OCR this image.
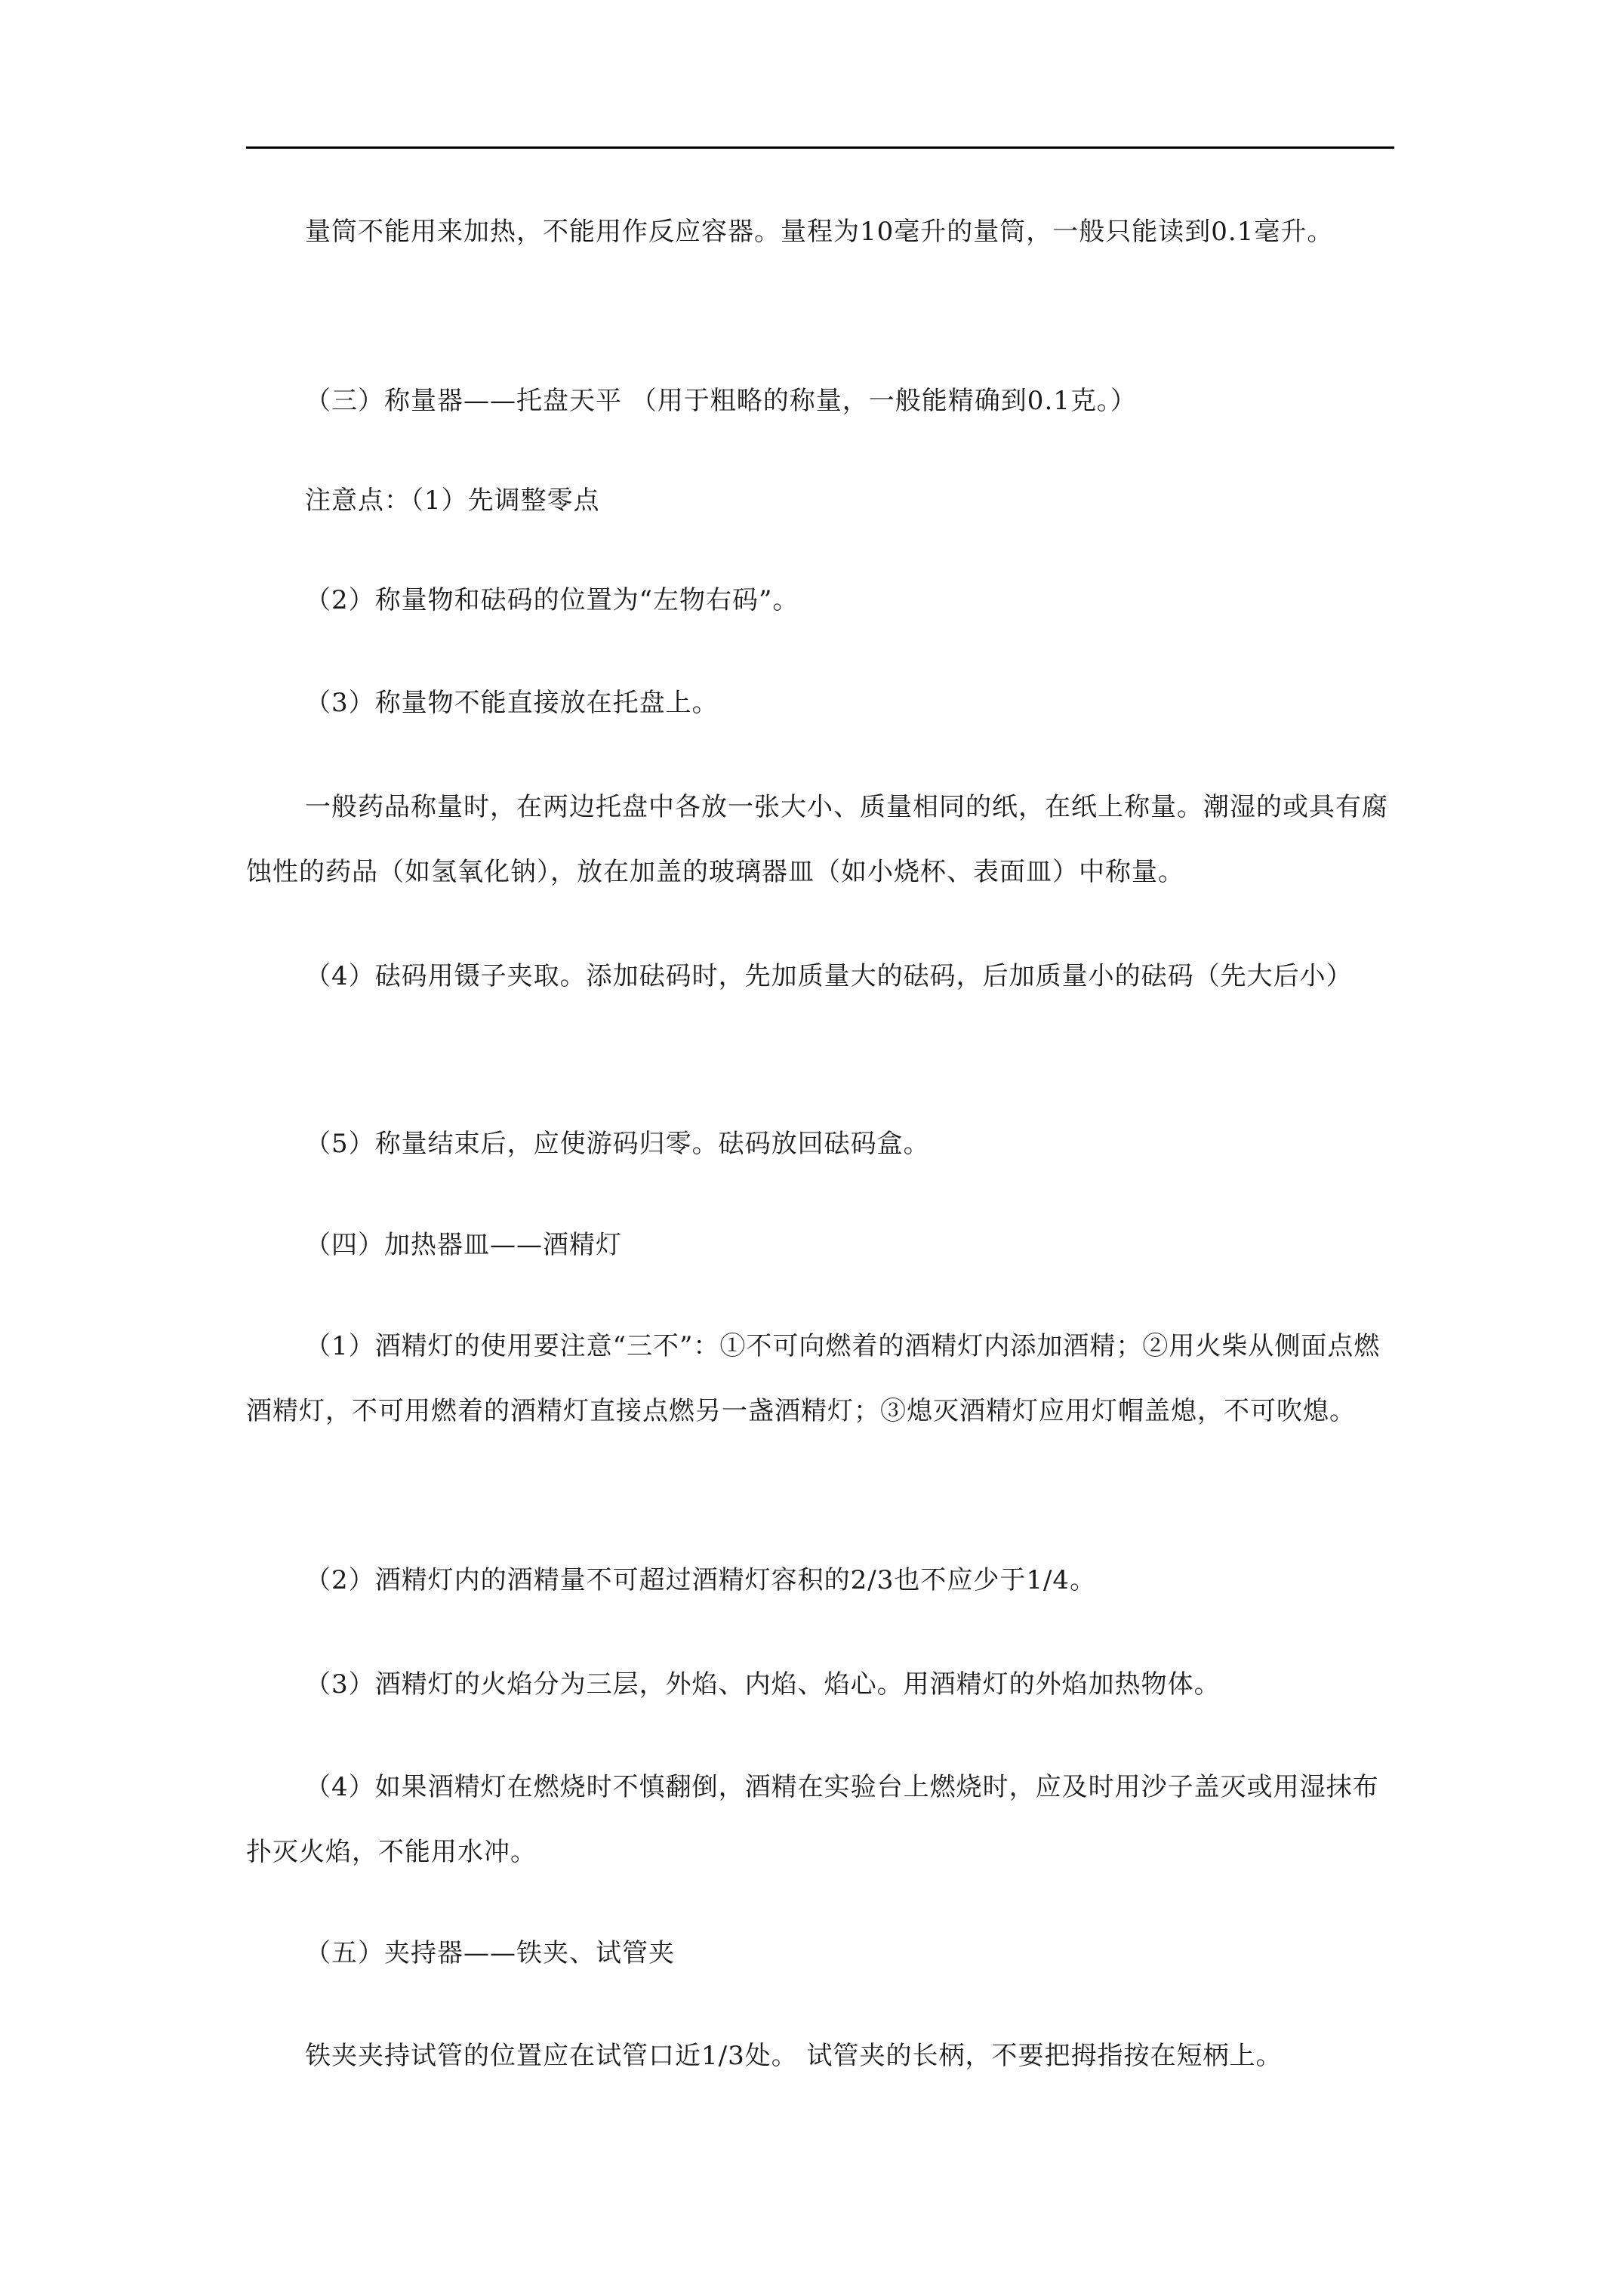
量筒不能用来加热，不能用作反应容器。量程为10毫升的量筒，一般只能读到0.1毫升。

（三）称量器——托盘天平 （用于粗略的称量，一般能精确到0.1克。）

注意点：（1）先调整零点

（2）称量物和砝码的位置为“左物右码”。

（3）称量物不能直接放在托盘上。

一般药品称量时，在两边托盘中各放一张大小、质量相同的纸，在纸上称量。潮湿的或具有腐蚀性的药品（如氢氧化钠），放在加盖的玻璃器皿（如小烧杯、表面皿）中称量。

（4）砝码用镊子夹取。添加砝码时，先加质量大的砝码，后加质量小的砝码（先大后小）

（5）称量结束后，应使游码归零。砝码放回砝码盒。

（四）加热器皿——酒精灯

（1）酒精灯的使用要注意“三不”：①不可向燃着的酒精灯内添加酒精；②用火柴从侧面点燃酒精灯，不可用燃着的酒精灯直接点燃另一盏酒精灯；③熄灭酒精灯应用灯帽盖熄，不可吹熄。

（2）酒精灯内的酒精量不可超过酒精灯容积的2/3也不应少于1/4。

（3）酒精灯的火焰分为三层，外焰、内焰、焰心。用酒精灯的外焰加热物体。

（4）如果酒精灯在燃烧时不慎翻倒，酒精在实验台上燃烧时，应及时用沙子盖灭或用湿抹布扑灭火焰，不能用水冲。

（五）夹持器——铁夹、试管夹

铁夹夹持试管的位置应在试管口近1/3处。 试管夹的长柄，不要把拇指按在短柄上。
